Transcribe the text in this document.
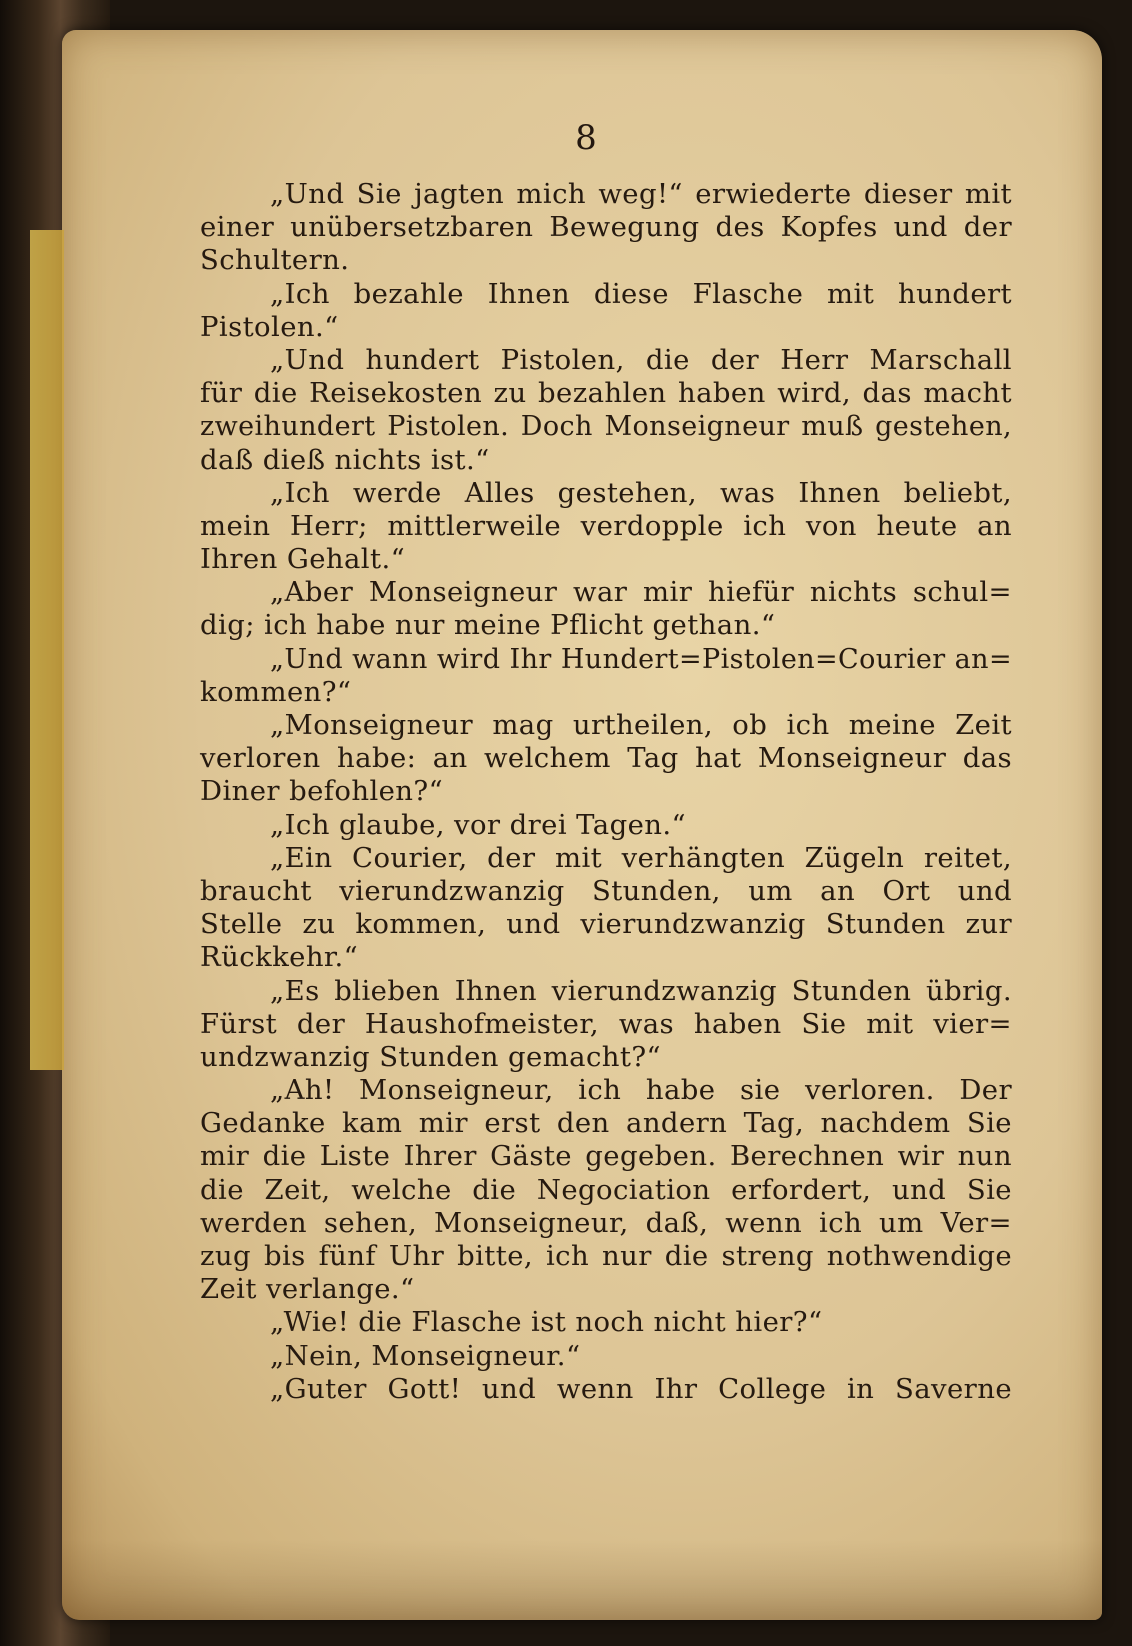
8
„Und Sie jagten mich weg!“ erwiederte dieser mit
einer unübersetzbaren Bewegung des Kopfes und der
Schultern.
„Ich bezahle Ihnen diese Flasche mit hundert
Pistolen.“
„Und hundert Pistolen, die der Herr Marschall
für die Reisekosten zu bezahlen haben wird, das macht
zweihundert Pistolen. Doch Monseigneur muß gestehen,
daß dieß nichts ist.“
„Ich werde Alles gestehen, was Ihnen beliebt,
mein Herr; mittlerweile verdopple ich von heute an
Ihren Gehalt.“
„Aber Monseigneur war mir hiefür nichts schul=
dig; ich habe nur meine Pflicht gethan.“
„Und wann wird Ihr Hundert=Pistolen=Courier an=
kommen?“
„Monseigneur mag urtheilen, ob ich meine Zeit
verloren habe: an welchem Tag hat Monseigneur das
Diner befohlen?“
„Ich glaube, vor drei Tagen.“
„Ein Courier, der mit verhängten Zügeln reitet,
braucht vierundzwanzig Stunden, um an Ort und
Stelle zu kommen, und vierundzwanzig Stunden zur
Rückkehr.“
„Es blieben Ihnen vierundzwanzig Stunden übrig.
Fürst der Haushofmeister, was haben Sie mit vier=
undzwanzig Stunden gemacht?“
„Ah! Monseigneur, ich habe sie verloren. Der
Gedanke kam mir erst den andern Tag, nachdem Sie
mir die Liste Ihrer Gäste gegeben. Berechnen wir nun
die Zeit, welche die Negociation erfordert, und Sie
werden sehen, Monseigneur, daß, wenn ich um Ver=
zug bis fünf Uhr bitte, ich nur die streng nothwendige
Zeit verlange.“
„Wie! die Flasche ist noch nicht hier?“
„Nein, Monseigneur.“
„Guter Gott! und wenn Ihr College in Saverne
